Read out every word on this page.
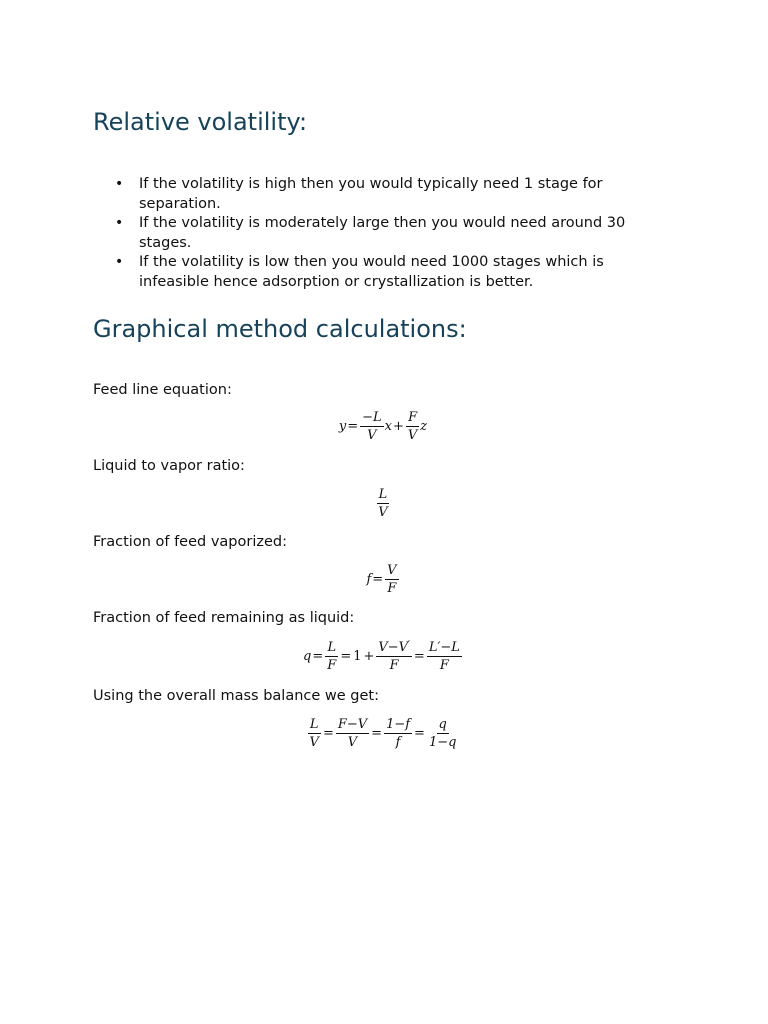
Relative volatility:
• If the volatility is high then you would typically need 1 stage for separation.
• If the volatility is moderately large then you would need around 30 stages.
• If the volatility is low then you would need 1000 stages which is infeasible hence adsorption or crystallization is better.
Graphical method calculations:
Feed line equation:
$y = \frac{-L}{V}$ $x + \frac{F}{V}$ z
Liquid to vapor ratio:
$\frac{L}{V}$
Fraction of feed vaporized:
$f = \frac{V}{F}$
Fraction of feed remaining as liquid:
$q = \frac{L}{F} = 1 + \frac{V-V'}{F} = \frac{L'-L}{F}$
Using the overall mass balance we get:
$\frac{L}{V} = \frac{F-V}{V} = \frac{1-f}{f} = \frac{q}{1-q}$
